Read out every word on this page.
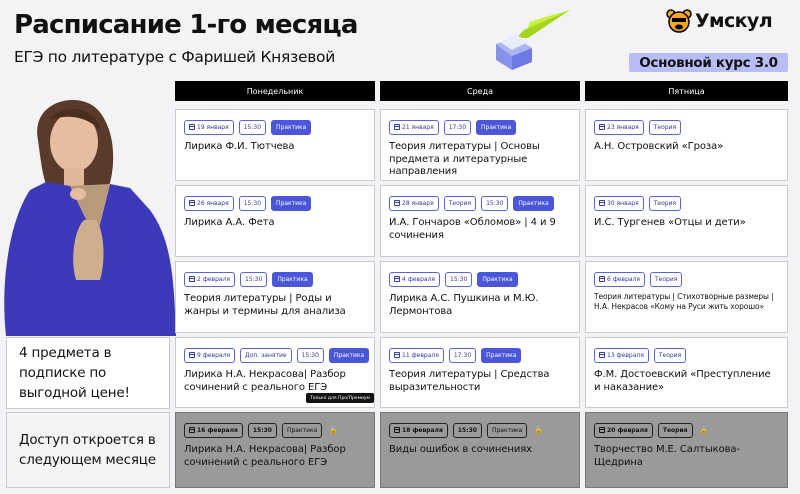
Расписание 1-го месяца
ЕГЭ по литературе с Фаришей Князевой
Умскул
Основной курс 3.0
Понедельник	Среда	Пятница
4 предмета в подписке по выгодной цене!
Доступ откроется в следующем месяце
19 января	15:30	Практика
Лирика Ф.И. Тютчева
21 января	17:30	Практика
Теория литературы | Основы предмета и литературные направления
23 января	Теория
А.Н. Островский «Гроза»
26 января	15:30	Практика
Лирика А.А. Фета
28 января	Теория	15:30	Практика
И.А. Гончаров «Обломов» | 4 и 9 сочинения
30 января	Теория
И.С. Тургенев «Отцы и дети»
2 февраля	15:30	Практика
Теория литературы | Роды и жанры и термины для анализа
4 февраля	15:30	Практика
Лирика А.С. Пушкина и М.Ю. Лермонтова
6 февраля	Теория
Теория литературы | Стихотворные размеры | Н.А. Некрасов «Кому на Руси жить хорошо»
9 февраля	Доп. занятие	15:30	Практика
Лирика Н.А. Некрасова| Разбор сочинений с реального ЕГЭ
Только для Про/Премиум
11 февраля	17:30	Практика
Теория литературы | Средства выразительности
13 февраля	Теория
Ф.М. Достоевский «Преступление и наказание»
16 февраля	15:30	Практика	🔒
Лирика Н.А. Некрасова| Разбор сочинений с реального ЕГЭ
18 февраля	15:30	Практика	🔒
Виды ошибок в сочинениях
20 февраля	Теория	🔒
Творчество М.Е. Салтыкова-Щедрина
